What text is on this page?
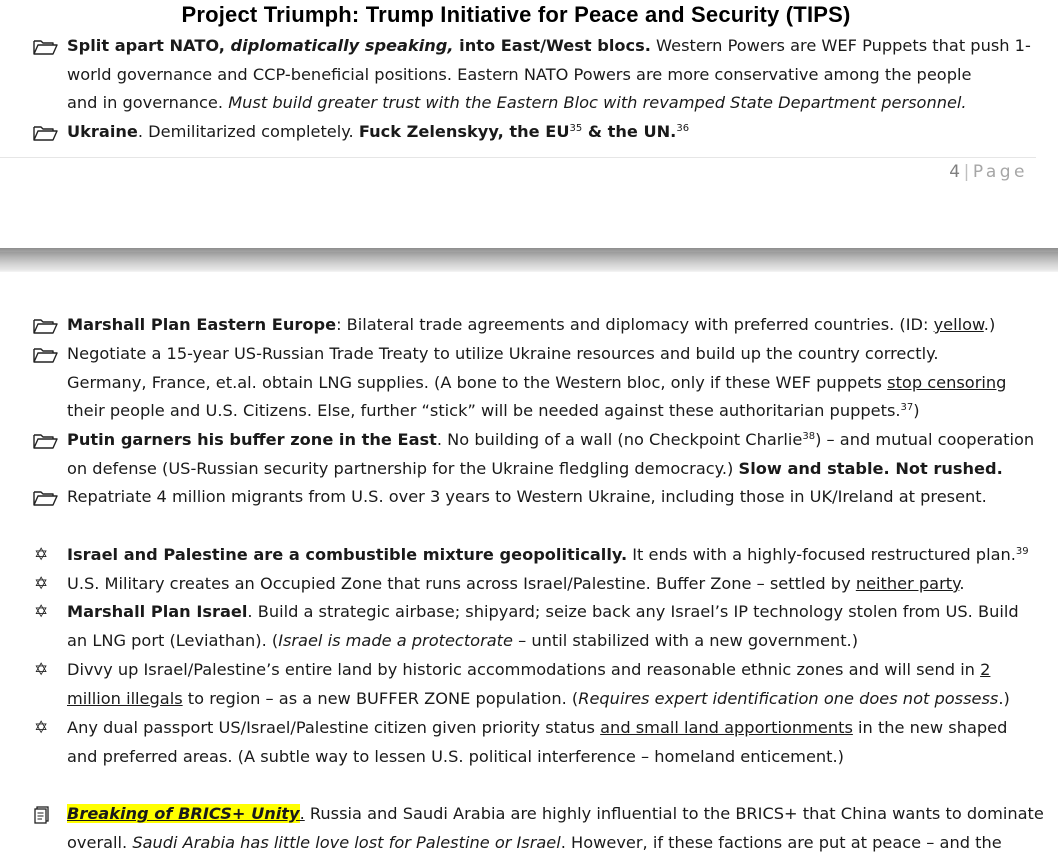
Project Triumph: Trump Initiative for Peace and Security (TIPS)
Split apart NATO, diplomatically speaking, into East/West blocs. Western Powers are WEF Puppets that push 1-
world governance and CCP-beneficial positions. Eastern NATO Powers are more conservative among the people
and in governance. Must build greater trust with the Eastern Bloc with revamped State Department personnel.
Ukraine. Demilitarized completely. Fuck Zelenskyy, the EU$^{35}$ & the UN.$^{36}$
4 | Page
Marshall Plan Eastern Europe: Bilateral trade agreements and diplomacy with preferred countries. (ID: yellow.)
Negotiate a 15-year US-Russian Trade Treaty to utilize Ukraine resources and build up the country correctly.
Germany, France, et.al. obtain LNG supplies. (A bone to the Western bloc, only if these WEF puppets stop censoring
their people and U.S. Citizens. Else, further “stick” will be needed against these authoritarian puppets.$^{37}$)
Putin garners his buffer zone in the East. No building of a wall (no Checkpoint Charlie$^{38}$) – and mutual cooperation
on defense (US-Russian security partnership for the Ukraine fledgling democracy.) Slow and stable. Not rushed.
Repatriate 4 million migrants from U.S. over 3 years to Western Ukraine, including those in UK/Ireland at present.
✡	Israel and Palestine are a combustible mixture geopolitically. It ends with a highly-focused restructured plan.$^{39}$
✡	U.S. Military creates an Occupied Zone that runs across Israel/Palestine. Buffer Zone – settled by neither party.
✡	Marshall Plan Israel. Build a strategic airbase; shipyard; seize back any Israel’s IP technology stolen from US. Build
an LNG port (Leviathan). (Israel is made a protectorate – until stabilized with a new government.)
✡	Divvy up Israel/Palestine’s entire land by historic accommodations and reasonable ethnic zones and will send in 2
million illegals to region – as a new BUFFER ZONE population. (Requires expert identification one does not possess.)
✡	Any dual passport US/Israel/Palestine citizen given priority status and small land apportionments in the new shaped
and preferred areas. (A subtle way to lessen U.S. political interference – homeland enticement.)
Breaking of BRICS+ Unity. Russia and Saudi Arabia are highly influential to the BRICS+ that China wants to dominate
overall. Saudi Arabia has little love lost for Palestine or Israel. However, if these factions are put at peace – and the
